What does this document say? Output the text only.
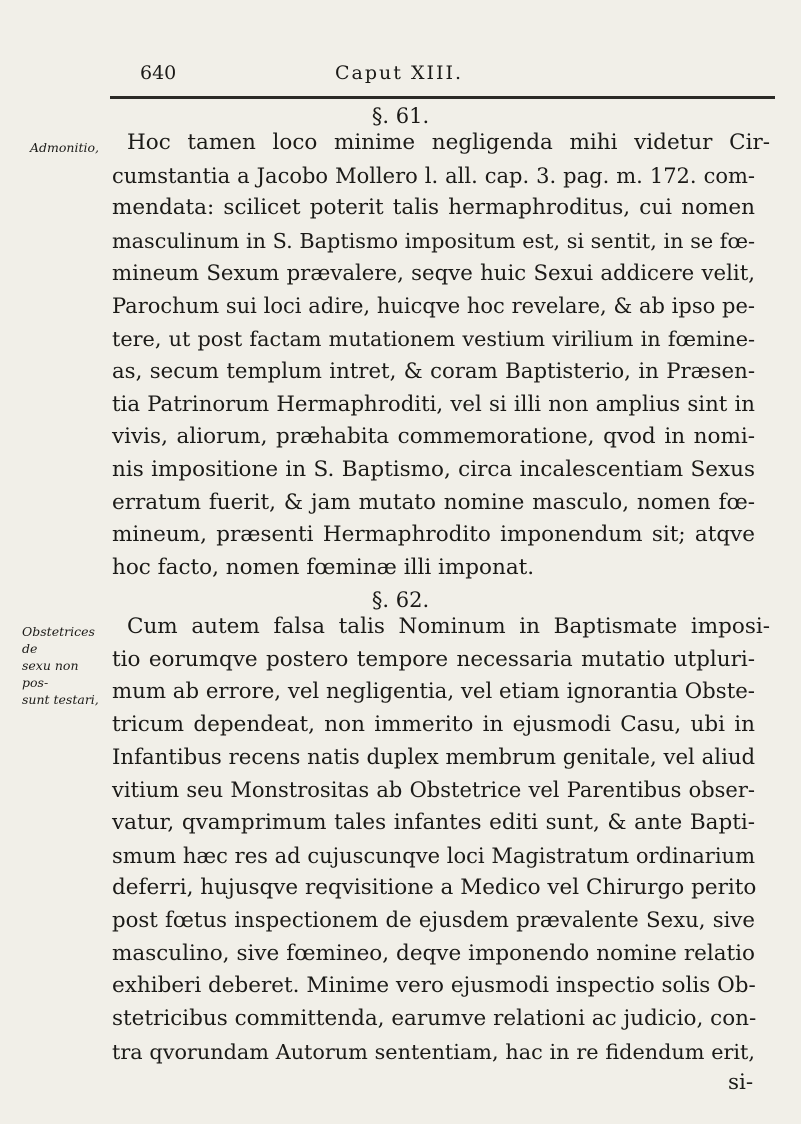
640	Caput XIII.
§. 61.
Admonitio,	Hoc tamen loco minime negligenda mihi videtur Cir-
cumstantia a Jacobo Mollero l. all. cap. 3. pag. m. 172. com-
mendata: scilicet poterit talis hermaphroditus, cui nomen
masculinum in S. Baptismo impositum est, si sentit, in se fœ-
mineum Sexum prævalere, seqve huic Sexui addicere velit,
Parochum sui loci adire, huicqve hoc revelare, & ab ipso pe-
tere, ut post factam mutationem vestium virilium in fœmine-
as, secum templum intret, & coram Baptisterio, in Præsen-
tia Patrinorum Hermaphroditi, vel si illi non amplius sint in
vivis, aliorum, præhabita commemoratione, qvod in nomi-
nis impositione in S. Baptismo, circa incalescentiam Sexus
erratum fuerit, & jam mutato nomine masculo, nomen fœ-
mineum, præsenti Hermaphrodito imponendum sit; atqve
hoc facto, nomen fœminæ illi imponat.
§. 62.
Obstetrices de
sexu non pos-
sunt testari,
Cum autem falsa talis Nominum in Baptismate imposi-
tio eorumqve postero tempore necessaria mutatio utpluri-
mum ab errore, vel negligentia, vel etiam ignorantia Obste-
tricum dependeat, non immerito in ejusmodi Casu, ubi in
Infantibus recens natis duplex membrum genitale, vel aliud
vitium seu Monstrositas ab Obstetrice vel Parentibus obser-
vatur, qvamprimum tales infantes editi sunt, & ante Bapti-
smum hæc res ad cujuscunqve loci Magistratum ordinarium
deferri, hujusqve reqvisitione a Medico vel Chirurgo perito
post fœtus inspectionem de ejusdem prævalente Sexu, sive
masculino, sive fœmineo, deqve imponendo nomine relatio
exhiberi deberet. Minime vero ejusmodi inspectio solis Ob-
stetricibus committenda, earumve relationi ac judicio, con-
tra qvorundam Autorum sententiam, hac in re fidendum erit,
si-
